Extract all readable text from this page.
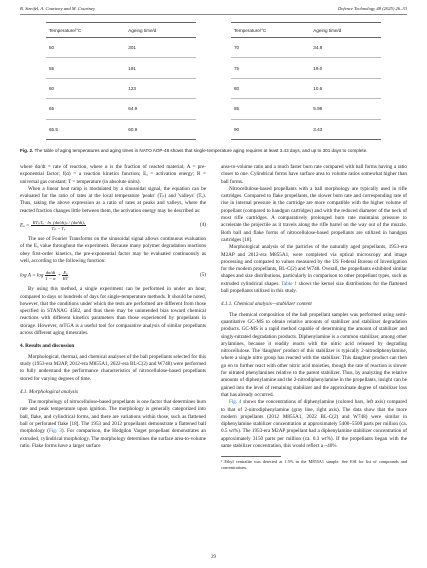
B. Streifel, A. Courtney and M. Courtney	Defence Technology 48 (2025) 26–33
Temperature/°C	Ageing time/d
50	301
55	191
60	123
65	64.9
65.5	60.9
Temperature/°C	Ageing time/d
70	34.8
75	19.0
80	10.6
85	5.98
90	3.43
Fig. 2. The table of aging temperatures and aging times in NATO AOP-48 shows that single-temperature aging requires at least 3.43 days, and up to 301 days to complete.

where dα/dt = rate of reaction, where α is the fraction of reacted material; A = pre-exponential factor; f(α) = a reaction kinetics function; Eₐ = activation energy; R = universal gas constant; T = temperature (in absolute units).

When a linear heat ramp is modulated by a sinusoidal signal, the equation can be evaluated for the ratio of rates at the local temperature 'peaks' (Tₚ) and 'valleys' (Tᵥ). Thus, taking the above expression as a ratio of rates at peaks and valleys, where the reacted fraction changes little between them, the activation energy may be described as:

$E_a = \frac{\text{RTₚTᵥ · ln (dα/dt)ₚ / (dα/dt)ᵥ}}{\text{Tₚ − Tᵥ}}$	(4)

The use of Fourier Transforms on the sinusoidal signal allows continuous evaluation of the Eₐ value throughout the experiment. Because many polymer degradation reactions obey first-order kinetics, the pre-exponential factor may be evaluated continuously as well, according to the following function:

$\log A = \log \frac{d\alpha/dt}{1 - \alpha} + \frac{\text{Eₐ}}{RT}$	(5)

By using this method, a single experiment can be performed in under an hour, compared to days or hundreds of days for single-temperature methods. It should be noted, however, that the conditions under which the tests are performed are different from those specified in STANAG 4582, and thus there may be unintended bias toward chemical reactions with different kinetics parameters than those experienced by propellants in storage. However, mTGA is a useful tool for comparative analysis of similar propellants across different aging timescales.

4. Results and discussion

Morphological, thermal, and chemical analyses of the ball propellants selected for this study (1953-era M2AP, 2012-era M855A1, 2022-era BL-C(2) and W748) were performed to fully understand the performance characteristics of nitrocellulose-based propellants stored for varying degrees of time.

4.1. Morphological analysis

The morphology of nitrocellulose-based propellants is one factor that determines burn rate and peak temperature upon ignition. The morphology is generally categorized into ball, flake, and cylindrical forms, and there are variations within those, such as flattened ball or perforated flake [18]. The 1953 and 2012 propellants demonstrate a flattened ball morphology (Fig. 3). For comparison, the Hodgdon Varget propellant demonstrates an extruded, cylindrical morphology. The morphology determines the surface area-to-volume ratio. Flake forms have a larger surface

area-to-volume ratio and a much faster burn rate compared with ball forms having a ratio closer to one. Cylindrical forms have surface area to volume ratios somewhat higher than ball forms.

Nitrocellulose-based propellants with a ball morphology are typically used in rifle cartridges. Compared to flake propellants, the slower burn rate and corresponding rate of rise in internal pressure in the cartridge are more compatible with the higher volume of propellant (compared to handgun cartridges) and with the reduced diameter of the neck of most rifle cartridges. A comparatively prolonged burn rate maintains pressure to accelerate the projectile as it travels along the rifle barrel on the way out of the muzzle. Both ball and flake forms of nitrocellulose-based propellants are utilized in handgun cartridges [18].

Morphological analysis of the particles of the naturally aged propellants, 1953-era M2AP and 2012-era M855A1, were completed via optical microscopy and image processing and compared to values measured by the US Federal Bureau of Investigation for the modern propellants, BL-C(2) and W748. Overall, the propellants exhibited similar shapes and size distributions, particularly in comparison to other propellant types, such as extruded cylindrical shapes. Table 1 shows the kernel size distributions for the flattened ball propellants utilized in this study.

4.1.1. Chemical analysis—stabilizer content

The chemical composition of the ball propellant samples was performed using semi-quantitative GC-MS to obtain relative amounts of stabilizer and stabilizer degradation products. GC-MS is a rapid method capable of determining the amount of stabilizer and singly-nitrated degradation products. Diphenylamine is a common stabilizer, among other arylamines, because it readily reacts with the nitric acid released by degrading nitrocellulose. The 'daughter' product of this stabilizer is typically 2-nitrodiphenylamine, where a single nitro group has reacted with the stabilizer. This daughter product can then go on to further react with other nitric acid moieties, though the rate of reaction is slower for nitrated phenylamines relative to the parent stabilizer. Thus, by analyzing the relative amounts of diphenylamine and the 2-nitrodiphenylamine in the propellants, insight can be gained into the level of remaining stabilizer and the approximate degree of stabilizer loss that has already occurred.

Fig. 4 shows the concentrations of diphenylamine (colored bars, left axis) compared to that of 2-nitrodiphenylamine (gray line, right axis). The data show that the more modern propellants (2012 M855A1, 2022 BL-C(2) and W748) were similar in diphenylamine stabilizer concentration at approximately 5400–5500 parts per million (ca. 0.5 wt%). The 1953-era M2AP propellant had a diphenylamine stabilizer concentration of approximately 3150 parts per million (ca. 0.3 wt%). If the propellants began with the same stabilizer concentration, this would reflect a ~40%

¹ Ethyl centralite was detected at 1.5% in the M855A1 sample. See ESI for list of compounds and concentrations.
29
